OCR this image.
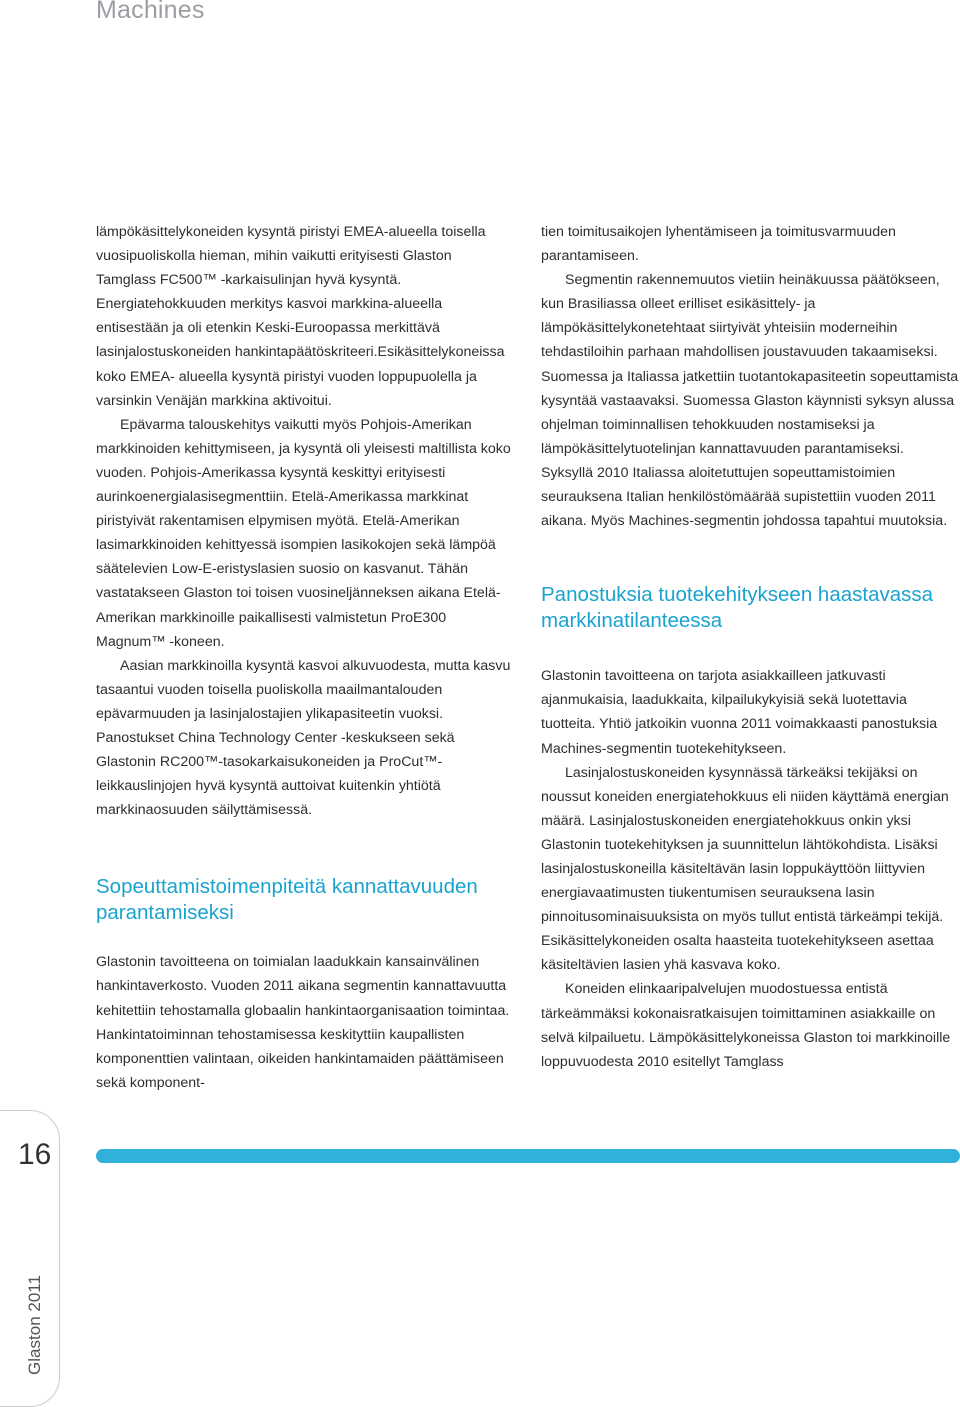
Machines

lämpökäsittelykoneiden kysyntä piristyi EMEA-alueella toisella vuosipuoliskolla hieman, mihin vaikutti erityisesti Glaston Tamglass FC500™ -karkaisulinjan hyvä kysyntä. Energiatehokkuuden merkitys kasvoi markkina-alueella entisestään ja oli etenkin Keski-Euroopassa merkittävä lasinjalostuskoneiden hankintapäätöskriteeri.Esikäsittelykoneissa koko EMEA- alueella kysyntä piristyi vuoden loppupuolella ja varsinkin Venäjän markkina aktivoitui.

Epävarma talouskehitys vaikutti myös Pohjois-Amerikan markkinoiden kehittymiseen, ja kysyntä oli yleisesti maltillista koko vuoden. Pohjois-Amerikassa kysyntä keskittyi erityisesti aurinkoenergialasisegmenttiin. Etelä-Amerikassa markkinat piristyivät rakentamisen elpymisen myötä. Etelä-Amerikan lasimarkkinoiden kehittyessä isompien lasikokojen sekä lämpöä säätelevien Low-E-eristyslasien suosio on kasvanut. Tähän vastatakseen Glaston toi toisen vuosineljänneksen aikana Etelä-Amerikan markkinoille paikallisesti valmistetun ProE300 Magnum™ -koneen.

Aasian markkinoilla kysyntä kasvoi alkuvuodesta, mutta kasvu tasaantui vuoden toisella puoliskolla maailmantalouden epävarmuuden ja lasinjalostajien ylikapasiteetin vuoksi. Panostukset China Technology Center -keskukseen sekä Glastonin RC200™-tasokarkaisukoneiden ja ProCut™-leikkauslinjojen hyvä kysyntä auttoivat kuitenkin yhtiötä markkinaosuuden säilyttämisessä.

Sopeuttamistoimenpiteitä kannattavuuden parantamiseksi

Glastonin tavoitteena on toimialan laadukkain kansainvälinen hankintaverkosto. Vuoden 2011 aikana segmentin kannattavuutta kehitettiin tehostamalla globaalin hankintaorganisaation toimintaa. Hankintatoiminnan tehostamisessa keskityttiin kaupallisten komponenttien valintaan, oikeiden hankintamaiden päättämiseen sekä komponent-

tien toimitusaikojen lyhentämiseen ja toimitusvarmuuden parantamiseen.

Segmentin rakennemuutos vietiin heinäkuussa päätökseen, kun Brasiliassa olleet erilliset esikäsittely- ja lämpökäsittelykonetehtaat siirtyivät yhteisiin moderneihin tehdastiloihin parhaan mahdollisen joustavuuden takaamiseksi. Suomessa ja Italiassa jatkettiin tuotantokapasiteetin sopeuttamista kysyntää vastaavaksi. Suomessa Glaston käynnisti syksyn alussa ohjelman toiminnallisen tehokkuuden nostamiseksi ja lämpökäsittelytuotelinjan kannattavuuden parantamiseksi. Syksyllä 2010 Italiassa aloitetuttujen sopeuttamistoimien seurauksena Italian henkilöstömäärää supistettiin vuoden 2011 aikana. Myös Machines-segmentin johdossa tapahtui muutoksia.

Panostuksia tuotekehitykseen haastavassa markkinatilanteessa

Glastonin tavoitteena on tarjota asiakkailleen jatkuvasti ajanmukaisia, laadukkaita, kilpailukykyisiä sekä luotettavia tuotteita. Yhtiö jatkoikin vuonna 2011 voimakkaasti panostuksia Machines-segmentin tuotekehitykseen.

Lasinjalostuskoneiden kysynnässä tärkeäksi tekijäksi on noussut koneiden energiatehokkuus eli niiden käyttämä energian määrä. Lasinjalostuskoneiden energiatehokkuus onkin yksi Glastonin tuotekehityksen ja suunnittelun lähtökohdista. Lisäksi lasinjalostuskoneilla käsiteltävän lasin loppukäyttöön liittyvien energiavaatimusten tiukentumisen seurauksena lasin pinnoitusominaisuuksista on myös tullut entistä tärkeämpi tekijä. Esikäsittelykoneiden osalta haasteita tuotekehitykseen asettaa käsiteltävien lasien yhä kasvava koko.

Koneiden elinkaaripalvelujen muodostuessa entistä tärkeämmäksi kokonaisratkaisujen toimittaminen asiakkaille on selvä kilpailuetu. Lämpökäsittelykoneissa Glaston toi markkinoille loppuvuodesta 2010 esitellyt Tamglass

16
Glaston 2011
